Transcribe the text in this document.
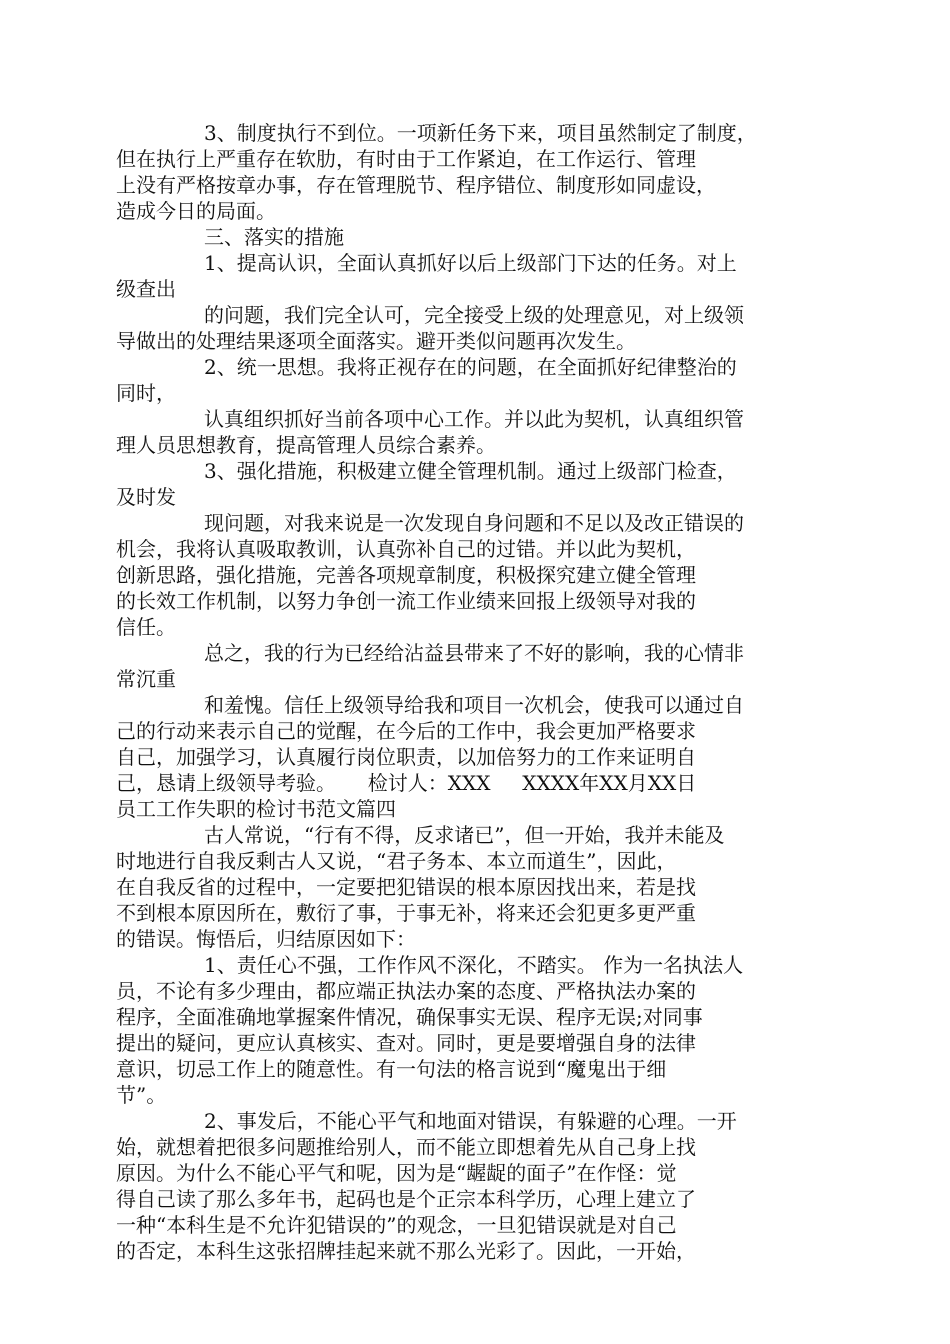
3、制度执行不到位。一项新任务下来，项目虽然制定了制度，

但在执行上严重存在软肋，有时由于工作紧迫，在工作运行、管理

上没有严格按章办事，存在管理脱节、程序错位、制度形如同虚设，

造成今日的局面。

三、落实的措施

1、提高认识，全面认真抓好以后上级部门下达的任务。对上

级查出

的问题，我们完全认可，完全接受上级的处理意见，对上级领

导做出的处理结果逐项全面落实。避开类似问题再次发生。

2、统一思想。我将正视存在的问题，在全面抓好纪律整治的

同时，

认真组织抓好当前各项中心工作。并以此为契机，认真组织管

理人员思想教育，提高管理人员综合素养。

3、强化措施，积极建立健全管理机制。通过上级部门检查，

及时发

现问题，对我来说是一次发现自身问题和不足以及改正错误的

机会，我将认真吸取教训，认真弥补自己的过错。并以此为契机，

创新思路，强化措施，完善各项规章制度，积极探究建立健全管理

的长效工作机制，以努力争创一流工作业绩来回报上级领导对我的

信任。

总之，我的行为已经给沾益县带来了不好的影响，我的心情非

常沉重

和羞愧。信任上级领导给我和项目一次机会，使我可以通过自

己的行动来表示自己的觉醒，在今后的工作中，我会更加严格要求

自己，加强学习，认真履行岗位职责，以加倍努力的工作来证明自

己，恳请上级领导考验。     检讨人：XXX     XXXX年XX月XX日

员工工作失职的检讨书范文篇四

古人常说，“行有不得，反求诸已”，但一开始，我并未能及

时地进行自我反剩古人又说，“君子务本、本立而道生”，因此，

在自我反省的过程中，一定要把犯错误的根本原因找出来，若是找

不到根本原因所在，敷衍了事，于事无补，将来还会犯更多更严重

的错误。悔悟后，归结原因如下：

1、责任心不强，工作作风不深化，不踏实。 作为一名执法人

员，不论有多少理由，都应端正执法办案的态度、严格执法办案的

程序，全面准确地掌握案件情况，确保事实无误、程序无误;对同事

提出的疑问，更应认真核实、查对。同时，更是要增强自身的法律

意识，切忌工作上的随意性。有一句法的格言说到“魔鬼出于细

节”。

2、事发后，不能心平气和地面对错误，有躲避的心理。一开

始，就想着把很多问题推给别人，而不能立即想着先从自己身上找

原因。为什么不能心平气和呢，因为是“龌龊的面子”在作怪：觉

得自己读了那么多年书，起码也是个正宗本科学历，心理上建立了

一种“本科生是不允许犯错误的”的观念，一旦犯错误就是对自己

的否定，本科生这张招牌挂起来就不那么光彩了。因此，一开始，
